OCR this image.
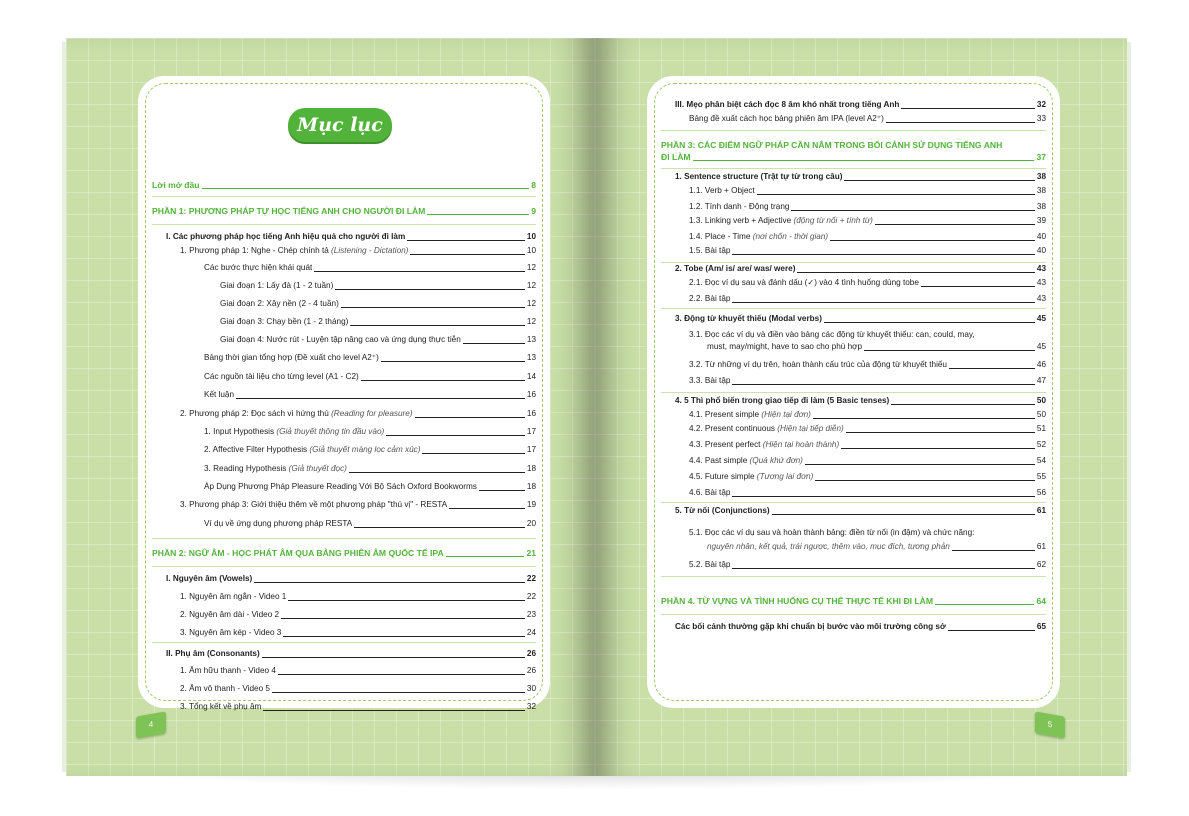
Mục lục
Lời mở đầu	8
PHẦN 1: PHƯƠNG PHÁP TỰ HỌC TIẾNG ANH CHO NGƯỜI ĐI LÀM	9
I. Các phương pháp học tiếng Anh hiệu quả cho người đi làm	10
1. Phương pháp 1: Nghe - Chép chính tả (Listening - Dictation)	10
Các bước thực hiện khái quát	12
Giai đoạn 1: Lấy đà (1 - 2 tuần)	12
Giai đoạn 2: Xây nền (2 - 4 tuần)	12
Giai đoạn 3: Chạy bền (1 - 2 tháng)	12
Giai đoạn 4: Nước rút - Luyện tập nâng cao và ứng dụng thực tiễn	13
Bảng thời gian tổng hợp (Đề xuất cho level A2⁺)	13
Các nguồn tài liệu cho từng level (A1 - C2)	14
Kết luận	16
2. Phương pháp 2: Đọc sách vì hứng thú (Reading for pleasure)	16
1. Input Hypothesis (Giả thuyết thông tin đầu vào)	17
2. Affective Filter Hypothesis (Giả thuyết màng lọc cảm xúc)	17
3. Reading Hypothesis (Giả thuyết đọc)	18
Áp Dụng Phương Pháp Pleasure Reading Với Bộ Sách Oxford Bookworms	18
3. Phương pháp 3: Giới thiệu thêm về một phương pháp "thú vị" - RESTA	19
Ví dụ về ứng dụng phương pháp RESTA	20
PHẦN 2: NGỮ ÂM - HỌC PHÁT ÂM QUA BẢNG PHIÊN ÂM QUỐC TẾ IPA	21
I. Nguyên âm (Vowels)	22
1. Nguyên âm ngắn - Video 1	22
2. Nguyên âm dài - Video 2	23
3. Nguyên âm kép - Video 3	24
II. Phụ âm (Consonants)	26
1. Âm hữu thanh - Video 4	26
2. Âm vô thanh - Video 5	30
3. Tổng kết về phụ âm	32
4
III. Mẹo phân biệt cách đọc 8 âm khó nhất trong tiếng Anh	32
Bảng đề xuất cách học bảng phiên âm IPA (level A2⁺)	33
PHẦN 3: CÁC ĐIỂM NGỮ PHÁP CẦN NẮM TRONG BỐI CẢNH SỬ DỤNG TIẾNG ANH
ĐI LÀM	37
1. Sentence structure (Trật tự từ trong câu)	38
1.1. Verb + Object	38
1.2. Tính danh - Động trạng	38
1.3. Linking verb + Adjective (động từ nối + tính từ)	39
1.4. Place - Time (nơi chốn - thời gian)	40
1.5. Bài tập	40
2. Tobe (Am/ is/ are/ was/ were)	43
2.1. Đọc ví dụ sau và đánh dấu (✓) vào 4 tình huống dùng tobe	43
2.2. Bài tập	43
3. Động từ khuyết thiếu (Modal verbs)	45
3.1. Đọc các ví dụ và điền vào bảng các động từ khuyết thiếu: can, could, may,
must, may/might, have to sao cho phù hợp	45
3.2. Từ những ví dụ trên, hoàn thành cấu trúc của động từ khuyết thiếu	46
3.3. Bài tập	47
4. 5 Thì phổ biến trong giao tiếp đi làm (5 Basic tenses)	50
4.1. Present simple (Hiện tại đơn)	50
4.2. Present continuous (Hiện tại tiếp diễn)	51
4.3. Present perfect (Hiện tại hoàn thành)	52
4.4. Past simple (Quá khứ đơn)	54
4.5. Future simple (Tương lai đơn)	55
4.6. Bài tập	56
5. Từ nối (Conjunctions)	61
5.1. Đọc các ví dụ sau và hoàn thành bảng: điền từ nối (in đậm) và chức năng:
nguyên nhân, kết quả, trái ngược, thêm vào, mục đích, tương phản	61
5.2. Bài tập	62
PHẦN 4. TỪ VỰNG VÀ TÌNH HUỐNG CỤ THỂ THỰC TẾ KHI ĐI LÀM	64
Các bối cảnh thường gặp khi chuẩn bị bước vào môi trường công sở	65
5
